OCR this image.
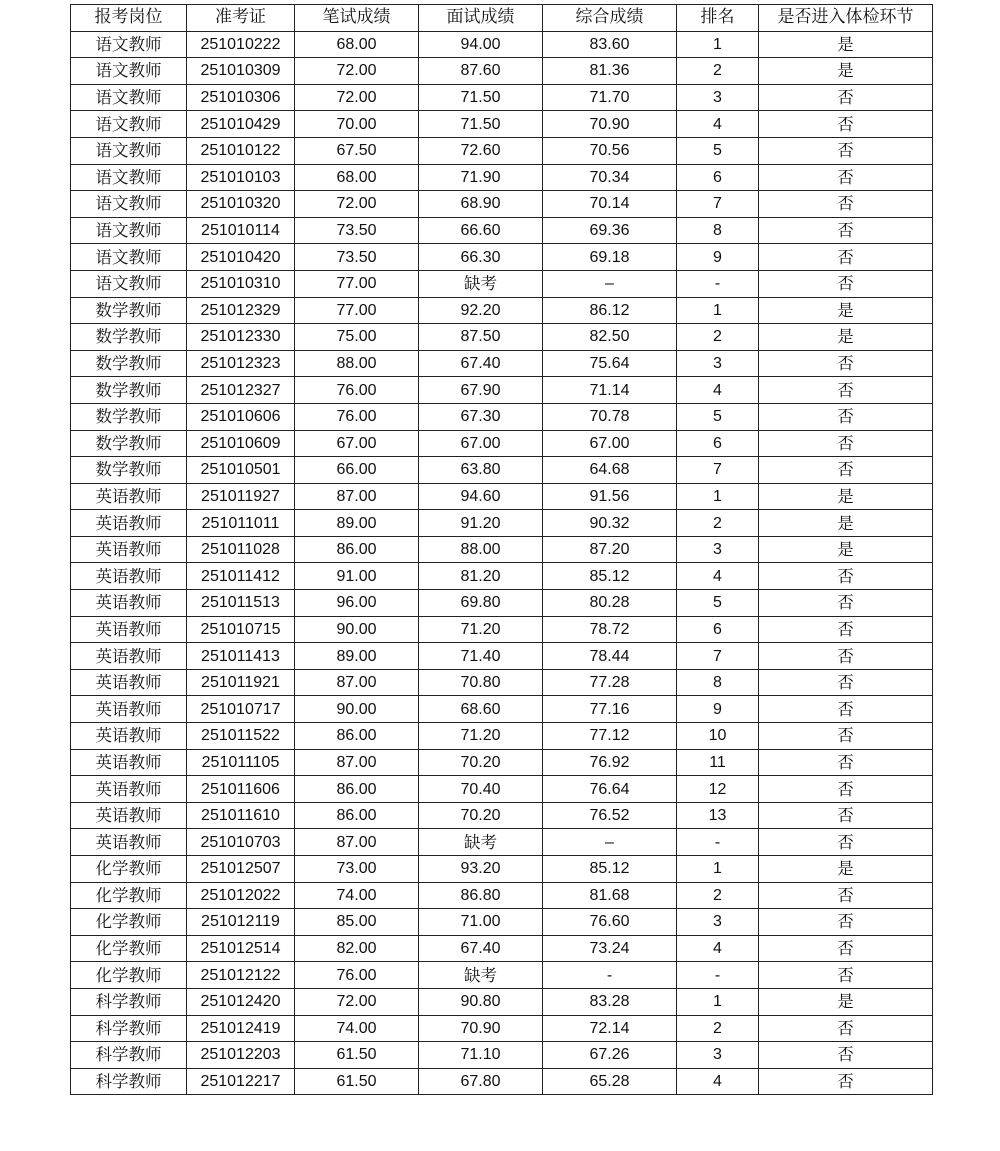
报考岗位	准考证	笔试成绩	面试成绩	综合成绩	排名	是否进入体检环节
语文教师	251010222	68.00	94.00	83.60	1	是
语文教师	251010309	72.00	87.60	81.36	2	是
语文教师	251010306	72.00	71.50	71.70	3	否
语文教师	251010429	70.00	71.50	70.90	4	否
语文教师	251010122	67.50	72.60	70.56	5	否
语文教师	251010103	68.00	71.90	70.34	6	否
语文教师	251010320	72.00	68.90	70.14	7	否
语文教师	251010114	73.50	66.60	69.36	8	否
语文教师	251010420	73.50	66.30	69.18	9	否
语文教师	251010310	77.00	缺考	–	-	否
数学教师	251012329	77.00	92.20	86.12	1	是
数学教师	251012330	75.00	87.50	82.50	2	是
数学教师	251012323	88.00	67.40	75.64	3	否
数学教师	251012327	76.00	67.90	71.14	4	否
数学教师	251010606	76.00	67.30	70.78	5	否
数学教师	251010609	67.00	67.00	67.00	6	否
数学教师	251010501	66.00	63.80	64.68	7	否
英语教师	251011927	87.00	94.60	91.56	1	是
英语教师	251011011	89.00	91.20	90.32	2	是
英语教师	251011028	86.00	88.00	87.20	3	是
英语教师	251011412	91.00	81.20	85.12	4	否
英语教师	251011513	96.00	69.80	80.28	5	否
英语教师	251010715	90.00	71.20	78.72	6	否
英语教师	251011413	89.00	71.40	78.44	7	否
英语教师	251011921	87.00	70.80	77.28	8	否
英语教师	251010717	90.00	68.60	77.16	9	否
英语教师	251011522	86.00	71.20	77.12	10	否
英语教师	251011105	87.00	70.20	76.92	11	否
英语教师	251011606	86.00	70.40	76.64	12	否
英语教师	251011610	86.00	70.20	76.52	13	否
英语教师	251010703	87.00	缺考	–	-	否
化学教师	251012507	73.00	93.20	85.12	1	是
化学教师	251012022	74.00	86.80	81.68	2	否
化学教师	251012119	85.00	71.00	76.60	3	否
化学教师	251012514	82.00	67.40	73.24	4	否
化学教师	251012122	76.00	缺考	-	-	否
科学教师	251012420	72.00	90.80	83.28	1	是
科学教师	251012419	74.00	70.90	72.14	2	否
科学教师	251012203	61.50	71.10	67.26	3	否
科学教师	251012217	61.50	67.80	65.28	4	否
